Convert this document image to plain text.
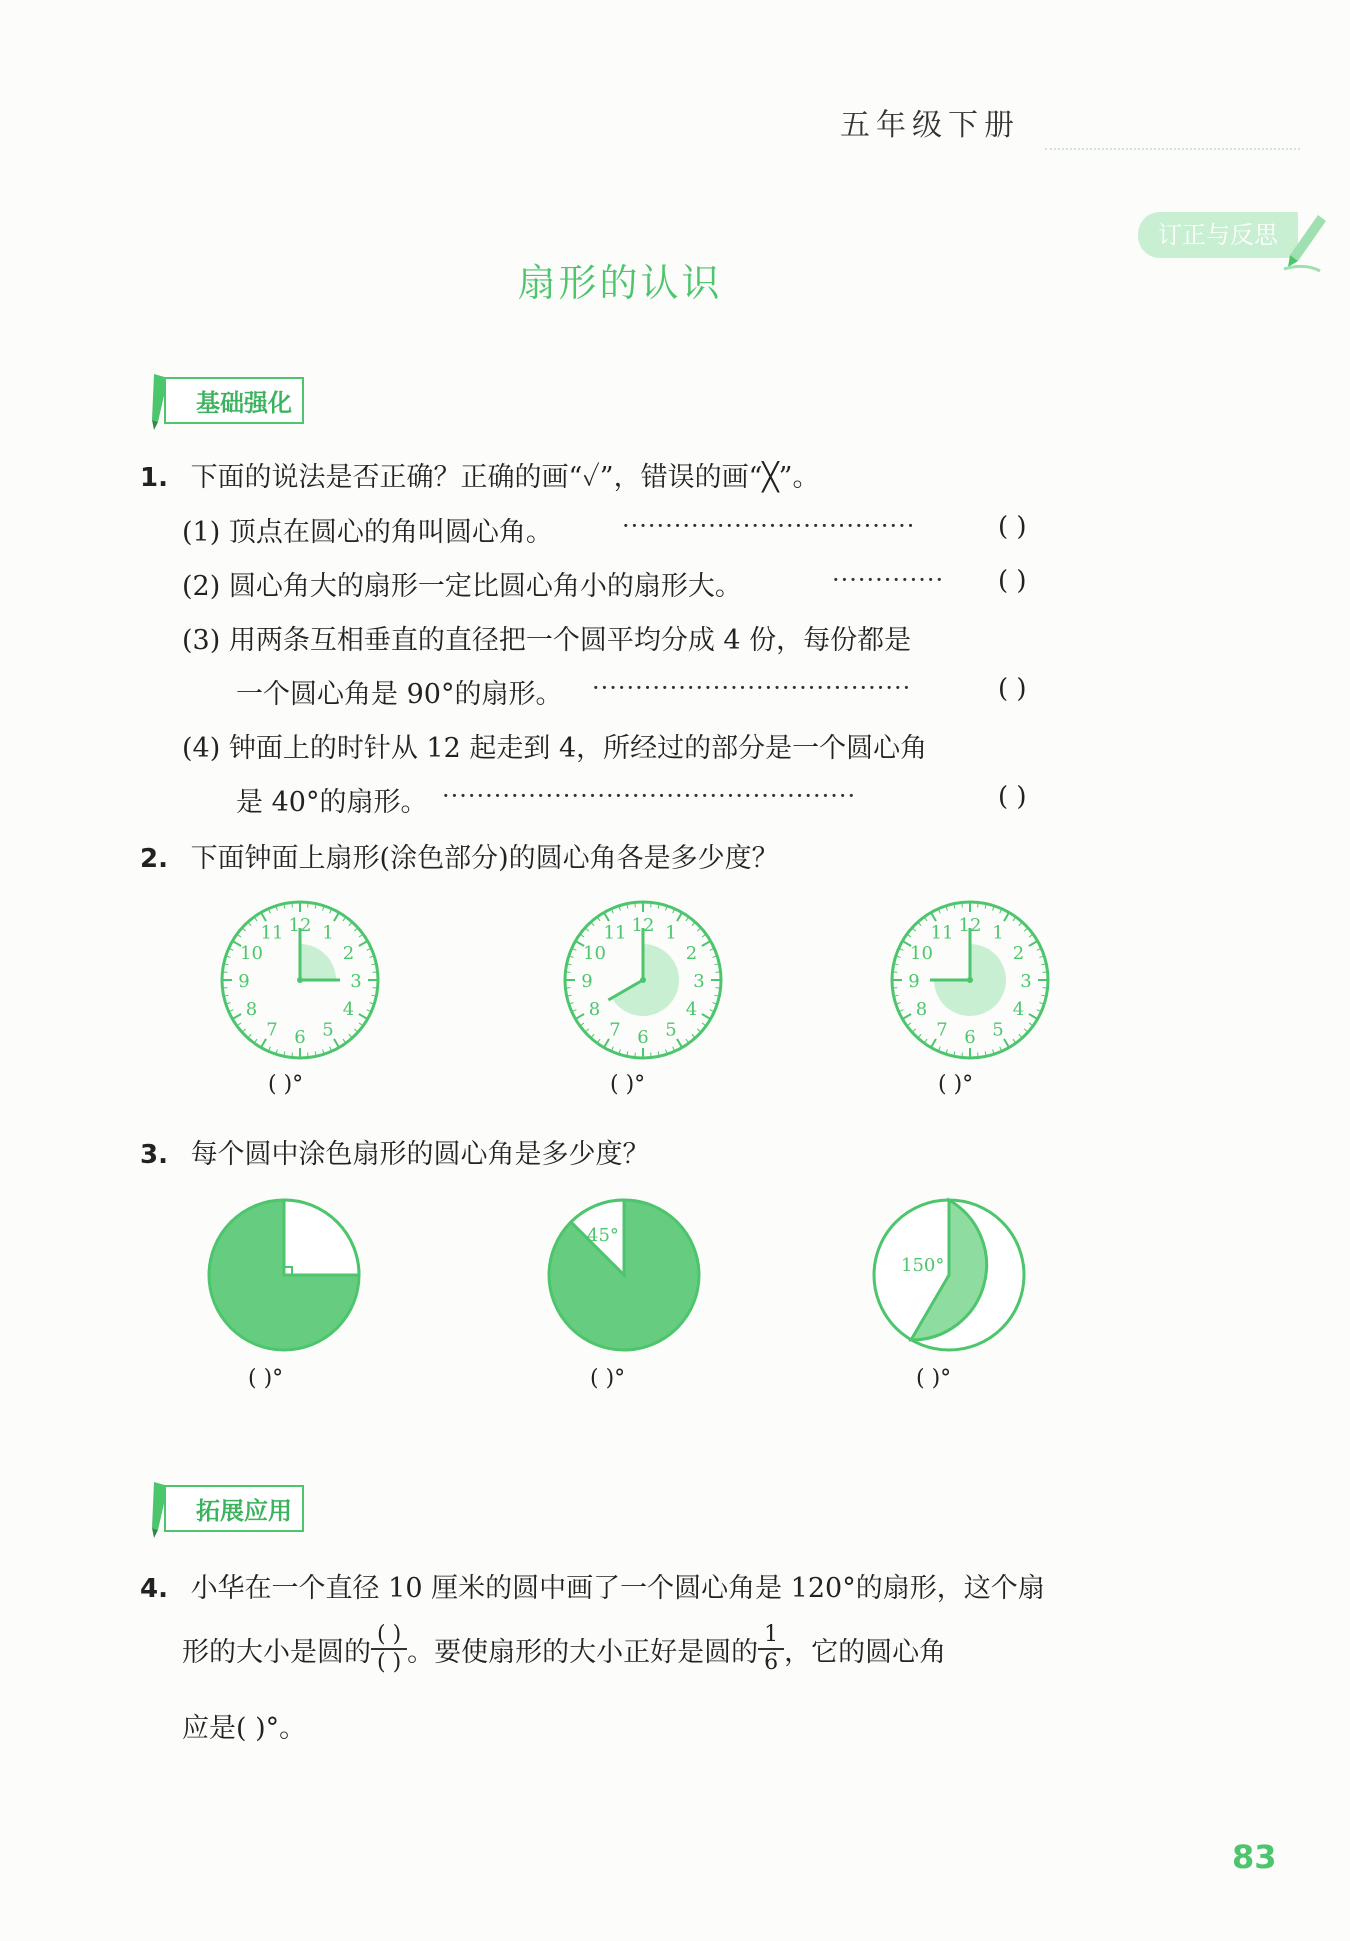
五年级下册
订正与反思
扇形的认识
基础强化
1. 下面的说法是否正确？正确的画“✓”，错误的画“╳”。
(1) 顶点在圆心的角叫圆心角。	··································	( )
(2) 圆心角大的扇形一定比圆心角小的扇形大。	············· ( )
(3) 用两条互相垂直的直径把一个圆平均分成 4 份，每份都是
一个圆心角是 90°的扇形。 ·····································	( )
(4) 钟面上的时针从 12 起走到 4，所经过的部分是一个圆心角
是 40°的扇形。 ················································	( )
2. 下面钟面上扇形(涂色部分)的圆心角各是多少度？
12 1
2
3
4
5
6
7
8
9
10
11	12 1
2
3
4
5
6
7
8
9
10
11	12 1
2
3
4
5
6
7
8
9
10
11
( )°	( )°	( )°
3. 每个圆中涂色扇形的圆心角是多少度？
45°
150°
( )°	( )°	( )°
拓展应用
4. 小华在一个直径 10 厘米的圆中画了一个圆心角是 120°的扇形，这个扇
形的大小是圆的 $\frac{( )}{( )}$ 。要使扇形的大小正好是圆的 $\frac{1}{6}$ ，它的圆心角
应是( )°。
83
